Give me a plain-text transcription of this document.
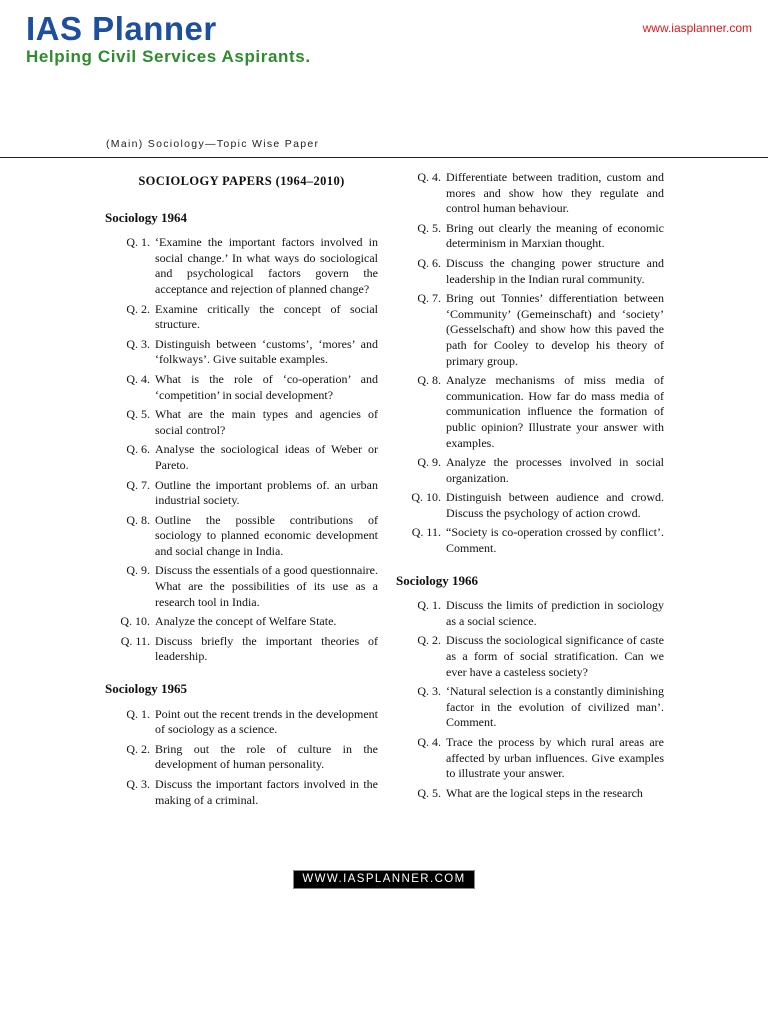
IAS Planner
Helping Civil Services Aspirants.
www.iasplanner.com
(Main) Sociology—Topic Wise Paper
SOCIOLOGY PAPERS (1964–2010)
Sociology 1964
Q. 1. ‘Examine the important factors involved in social change.’ In what ways do sociological and psychological factors govern the acceptance and rejection of planned change?
Q. 2. Examine critically the concept of social structure.
Q. 3. Distinguish between ‘customs’, ‘mores’ and ‘folkways’. Give suitable examples.
Q. 4. What is the role of ‘co-operation’ and ‘competition’ in social development?
Q. 5. What are the main types and agencies of social control?
Q. 6. Analyse the sociological ideas of Weber or Pareto.
Q. 7. Outline the important problems of. an urban industrial society.
Q. 8. Outline the possible contributions of sociology to planned economic development and social change in India.
Q. 9. Discuss the essentials of a good questionnaire. What are the possibilities of its use as a research tool in India.
Q. 10. Analyze the concept of Welfare State.
Q. 11. Discuss briefly the important theories of leadership.
Sociology 1965
Q. 1. Point out the recent trends in the development of sociology as a science.
Q. 2. Bring out the role of culture in the development of human personality.
Q. 3. Discuss the important factors involved in the making of a criminal.
Q. 4. Differentiate between tradition, custom and mores and show how they regulate and control human behaviour.
Q. 5. Bring out clearly the meaning of economic determinism in Marxian thought.
Q. 6. Discuss the changing power structure and leadership in the Indian rural community.
Q. 7. Bring out Tonnies’ differentiation between ‘Community’ (Gemeinschaft) and ‘society’ (Gesselschaft) and show how this paved the path for Cooley to develop his theory of primary group.
Q. 8. Analyze mechanisms of miss media of communication. How far do mass media of communication influence the formation of public opinion? Illustrate your answer with examples.
Q. 9. Analyze the processes involved in social organization.
Q. 10. Distinguish between audience and crowd. Discuss the psychology of action crowd.
Q. 11. “Society is co-operation crossed by conflict’. Comment.
Sociology 1966
Q. 1. Discuss the limits of prediction in sociology as a social science.
Q. 2. Discuss the sociological significance of caste as a form of social stratification. Can we ever have a casteless society?
Q. 3. ‘Natural selection is a constantly diminishing factor in the evolution of civilized man’. Comment.
Q. 4. Trace the process by which rural areas are affected by urban influences. Give examples to illustrate your answer.
Q. 5. What are the logical steps in the research
WWW.IASPLANNER.COM
